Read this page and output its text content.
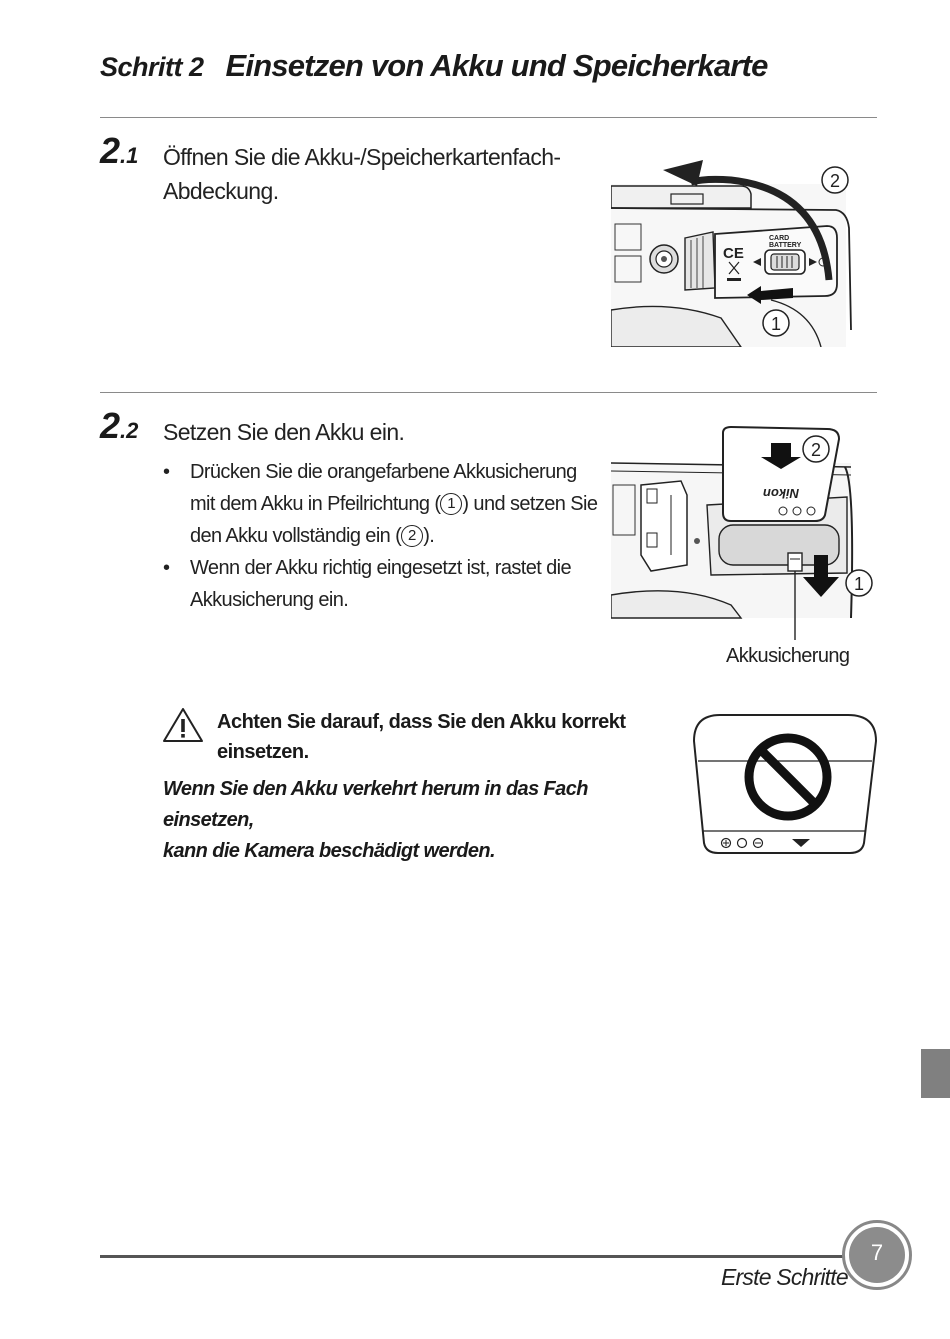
Schritt 2 Einsetzen von Akku und Speicherkarte
2.1 Öffnen Sie die Akku-/Speicherkartenfach-
Abdeckung.
CE
CARD
BATTERY
2
1
2.2 Setzen Sie den Akku ein.
• Drücken Sie die orangefarbene Akkusicherung
mit dem Akku in Pfeilrichtung ( 1 ) und setzen Sie
den Akku vollständig ein ( 2 ).
• Wenn der Akku richtig eingesetzt ist, rastet die
Akkusicherung ein.
Nikon
2
1
Akkusicherung
Achten Sie darauf, dass Sie den Akku korrekt
einsetzen.
Wenn Sie den Akku verkehrt herum in das Fach einsetzen,
kann die Kamera beschädigt werden.
Erste Schritte
7
